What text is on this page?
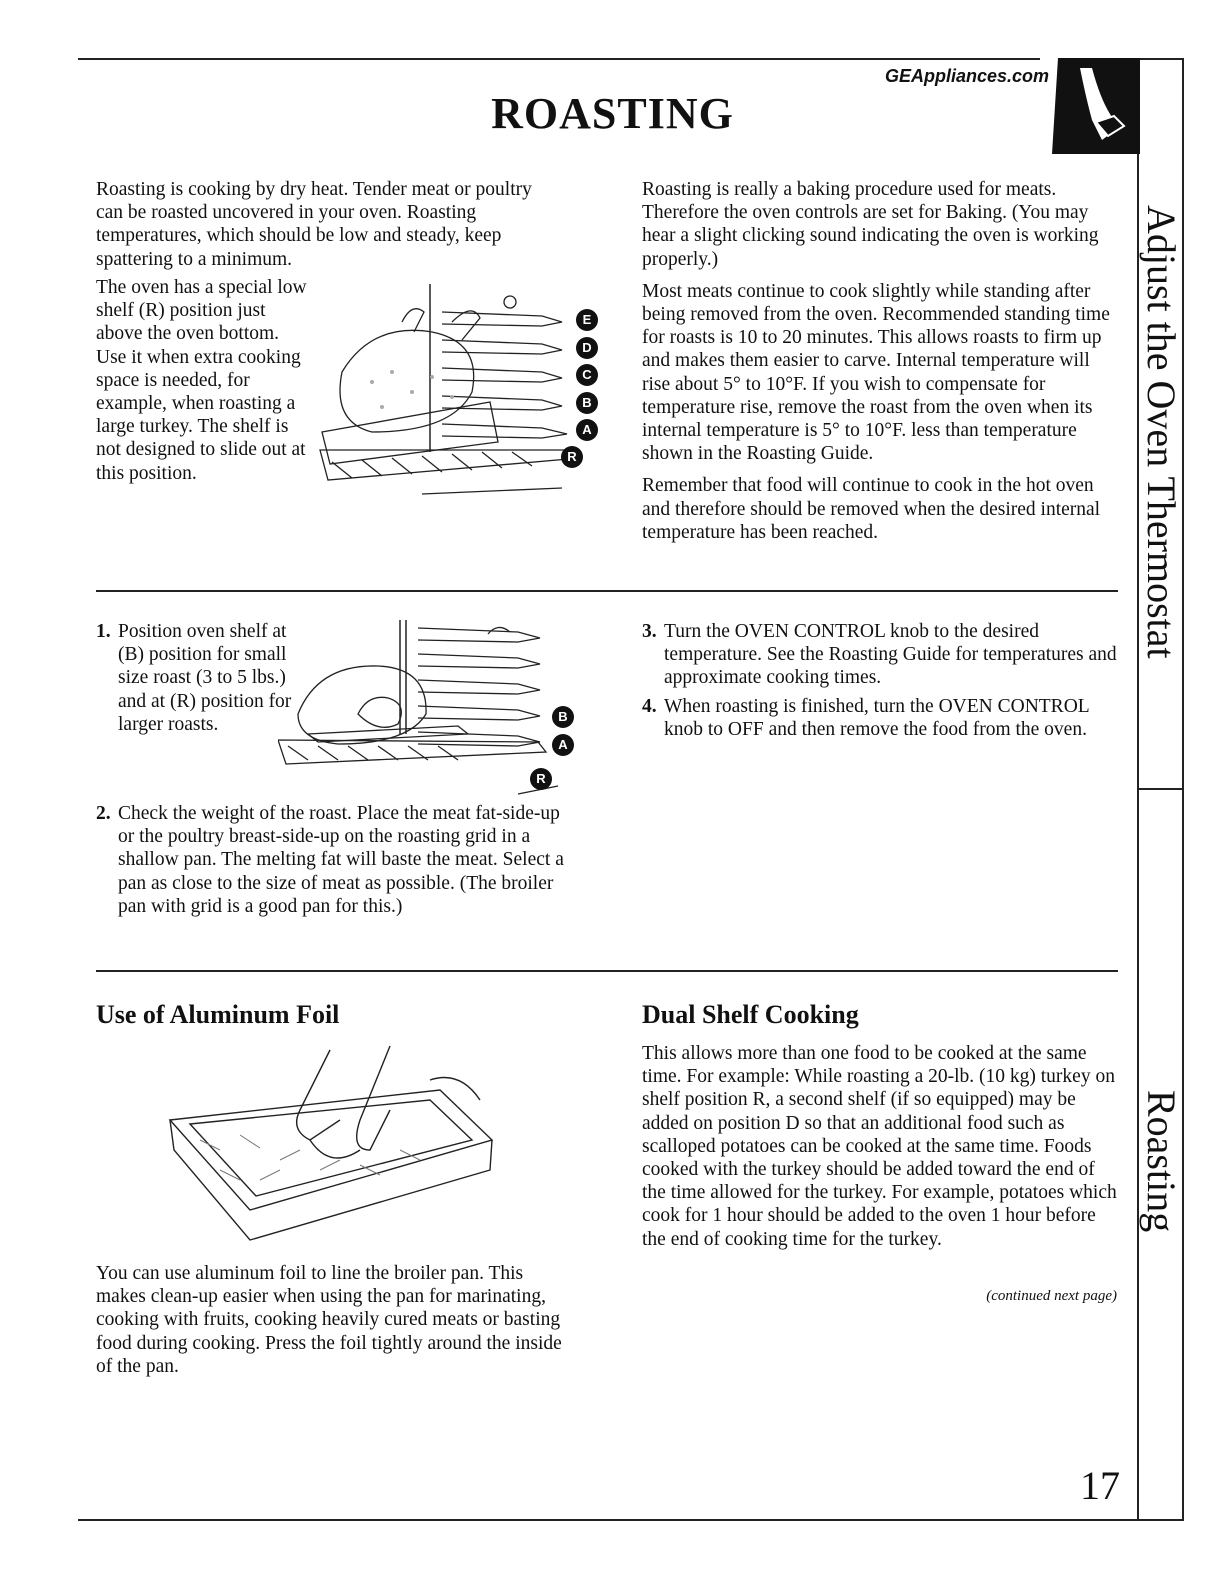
GEAppliances.com
ROASTING
Adjust the Oven Thermostat
Roasting

Roasting is cooking by dry heat. Tender meat or poultry can be roasted uncovered in your oven. Roasting temperatures, which should be low and steady, keep spattering to a minimum.

The oven has a special low shelf (R) position just above the oven bottom. Use it when extra cooking space is needed, for example, when roasting a large turkey. The shelf is not designed to slide out at this position.

E
D
C
B
A
R

Roasting is really a baking procedure used for meats. Therefore the oven controls are set for Baking. (You may hear a slight clicking sound indicating the oven is working properly.)

Most meats continue to cook slightly while standing after being removed from the oven. Recommended standing time for roasts is 10 to 20 minutes. This allows roasts to firm up and makes them easier to carve. Internal temperature will rise about 5° to 10°F. If you wish to compensate for temperature rise, remove the roast from the oven when its internal temperature is 5° to 10°F. less than temperature shown in the Roasting Guide.

Remember that food will continue to cook in the hot oven and therefore should be removed when the desired internal temperature has been reached.

1. Position oven shelf at (B) position for small size roast (3 to 5 lbs.) and at (R) position for larger roasts.	B
A
R
2. Check the weight of the roast. Place the meat fat-side-up or the poultry breast-side-up on the roasting grid in a shallow pan. The melting fat will baste the meat. Select a pan as close to the size of meat as possible. (The broiler pan with grid is a good pan for this.)
3. Turn the OVEN CONTROL knob to the desired temperature. See the Roasting Guide for temperatures and approximate cooking times.
4. When roasting is finished, turn the OVEN CONTROL knob to OFF and then remove the food from the oven.
Use of Aluminum Foil

You can use aluminum foil to line the broiler pan. This makes clean-up easier when using the pan for marinating, cooking with fruits, cooking heavily cured meats or basting food during cooking. Press the foil tightly around the inside of the pan.

Dual Shelf Cooking

This allows more than one food to be cooked at the same time. For example: While roasting a 20-lb. (10 kg) turkey on shelf position R, a second shelf (if so equipped) may be added on position D so that an additional food such as scalloped potatoes can be cooked at the same time. Foods cooked with the turkey should be added toward the end of the time allowed for the turkey. For example, potatoes which cook for 1 hour should be added to the oven 1 hour before the end of cooking time for the turkey.

(continued next page)
17
